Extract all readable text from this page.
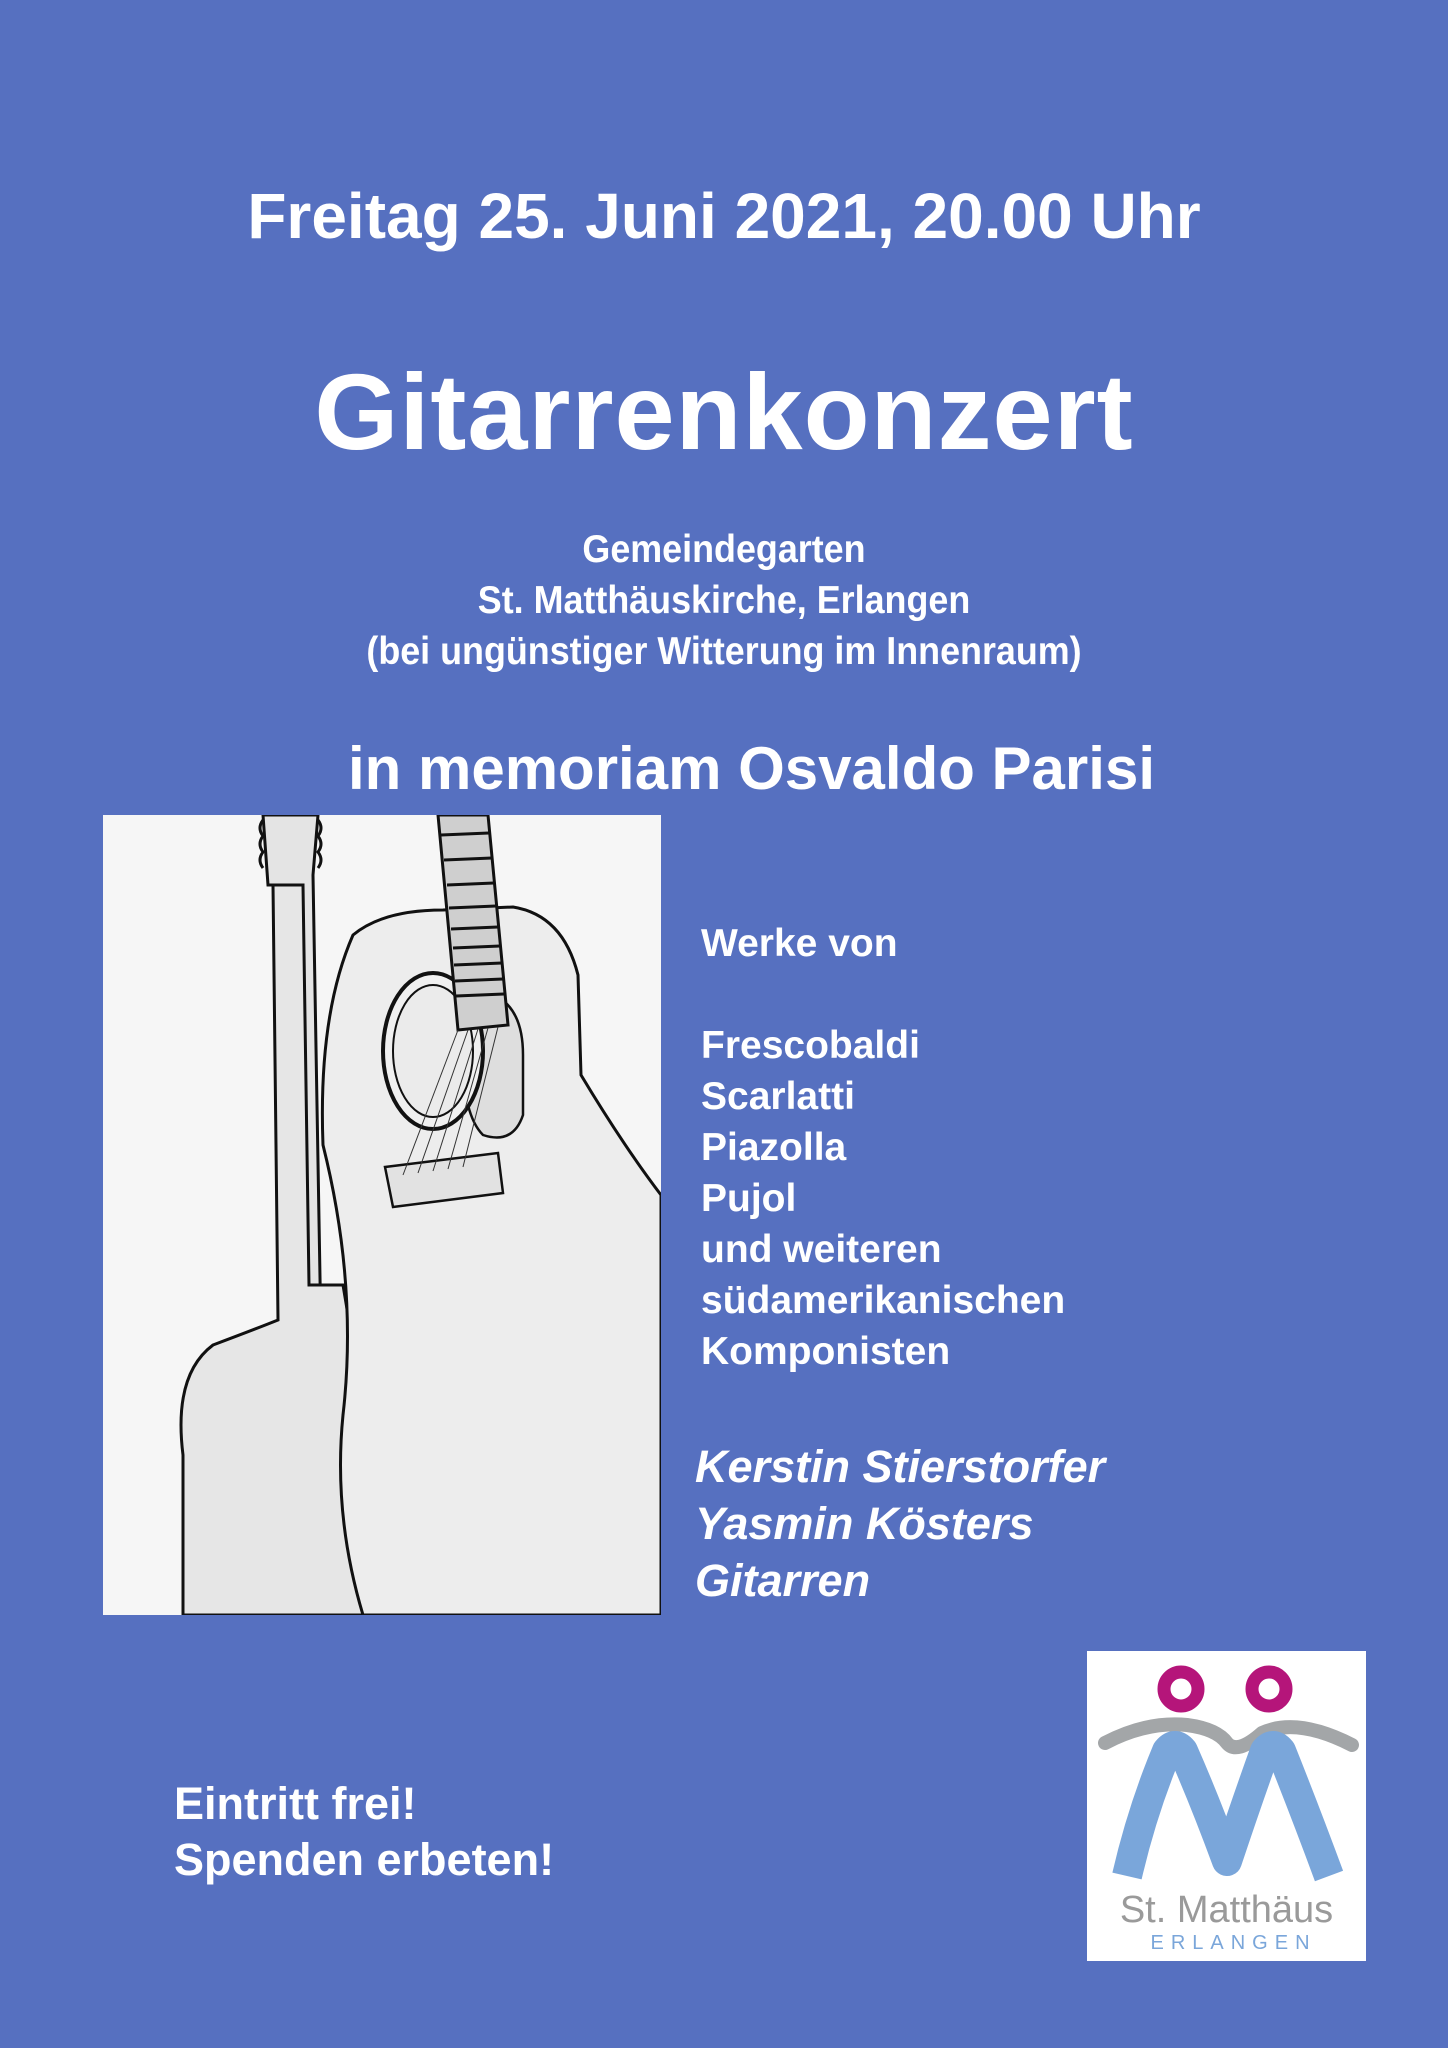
Freitag 25. Juni 2021, 20.00 Uhr
Gitarrenkonzert
Gemeindegarten
St. Matthäuskirche, Erlangen
(bei ungünstiger Witterung im Innenraum)
in memoriam Osvaldo Parisi
Werke von
Frescobaldi
Scarlatti
Piazolla
Pujol
und weiteren
südamerikanischen
Komponisten
Kerstin Stierstorfer
Yasmin Kösters
Gitarren
Eintritt frei!
Spenden erbeten!
St. Matthäus
ERLANGEN
